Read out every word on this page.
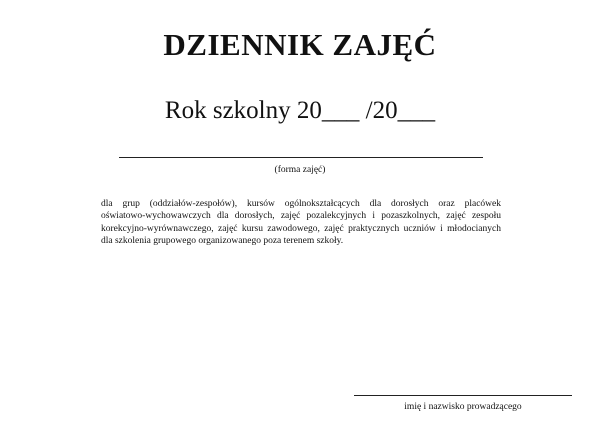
DZIENNIK ZAJĘĆ
Rok szkolny 20___ /20___
(forma zajęć)
dla grup (oddziałów-zespołów), kursów ogólnokształcących dla dorosłych oraz placówek
oświatowo-wychowawczych dla dorosłych, zajęć pozalekcyjnych i pozaszkolnych, zajęć zespołu
korekcyjno-wyrównawczego, zajęć kursu zawodowego, zajęć praktycznych uczniów i młodocianych
dla szkolenia grupowego organizowanego poza terenem szkoły.
imię i nazwisko prowadzącego
